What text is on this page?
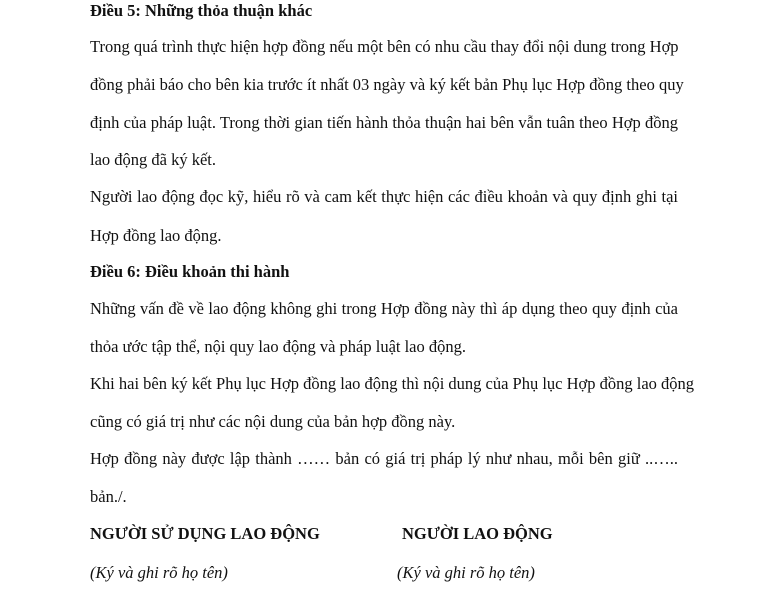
Điều 5: Những thỏa thuận khác
Trong quá trình thực hiện hợp đồng nếu một bên có nhu cầu thay đổi nội dung trong Hợp
đồng phải báo cho bên kia trước ít nhất 03 ngày và ký kết bản Phụ lục Hợp đồng theo quy
định của pháp luật. Trong thời gian tiến hành thỏa thuận hai bên vẫn tuân theo Hợp đồng
lao động đã ký kết.
Người lao động đọc kỹ, hiểu rõ và cam kết thực hiện các điều khoản và quy định ghi tại
Hợp đồng lao động.
Điều 6: Điều khoản thi hành
Những vấn đề về lao động không ghi trong Hợp đồng này thì áp dụng theo quy định của
thỏa ước tập thể, nội quy lao động và pháp luật lao động.
Khi hai bên ký kết Phụ lục Hợp đồng lao động thì nội dung của Phụ lục Hợp đồng lao động
cũng có giá trị như các nội dung của bản hợp đồng này.
Hợp đồng này được lập thành …… bản có giá trị pháp lý như nhau, mỗi bên giữ ..…..
bản./.
NGƯỜI SỬ DỤNG LAO ĐỘNG	NGƯỜI LAO ĐỘNG
(Ký và ghi rõ họ tên)	(Ký và ghi rõ họ tên)
